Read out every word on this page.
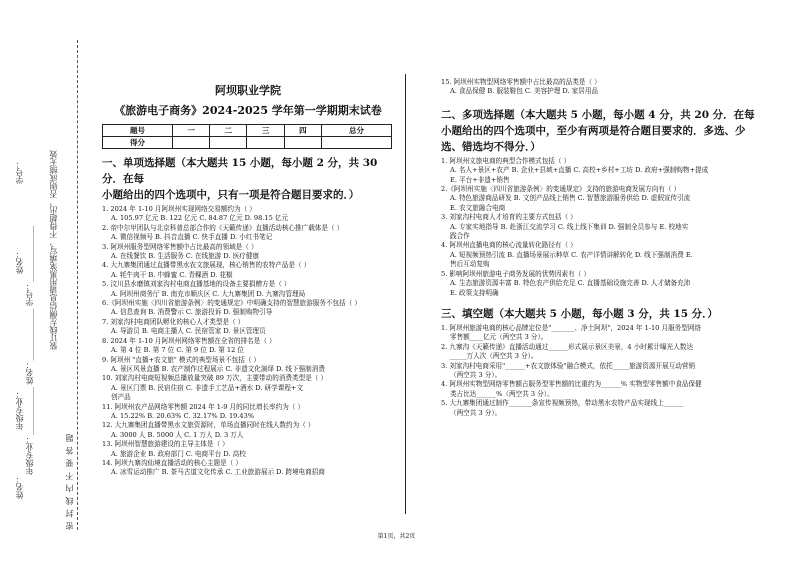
年级专业：____________ 姓名：_____________ 学号：______________
密 封 线 内 不 要 答 题
装订线左侧信息请用黑笔填写，不得超出，否则成绩无效
学号：
姓名：
年级专业：
姓名：
阿坝职业学院
《旅游电子商务》2024-2025 学年第一学期期末试卷
题号	一	二	三	四	总分
得分					
一、单项选择题（本大题共 15 小题，每小题 2 分，共 30 分．在每
小题给出的四个选项中，只有一项是符合题目要求的．）
1. 2024 年 1-10 月阿坝州实现网络交易额约为（ ）
A. 105.97 亿元 B. 122 亿元 C. 84.87 亿元 D. 98.15 亿元
2. 帝中尔甲团队与北京科普总部合作的《天籁传递》直播活动核心推广载体是（ ）
A. 微信视频号 B. 抖音直播 C. 快手直播 D. 小红书笔记
3. 阿坝州服务型网络零售额中占比最高的领域是（ ）
A. 在线餐饮 B. 生活服务 C. 在线旅游 D. 医疗健康
4. 大九寨集团通过直播带黑水农文旅展现，核心销售的农特产品是（ ）
A. 牦牛肉干 B. 中蜂蜜 C. 青稞酒 D. 花椒
5. 汶川县水磨镇刘家沟村电商直播基地的设备主要捐赠方是（ ）
A. 阿坝州商务厅 B. 南充市顺庆区 C. 大九寨集团 D. 九寨沟管理局
6.《阿坝州实施〈四川省旅游条例〉的变通规定》中明确支持的智慧旅游服务不包括（ ）
A. 信息查询 B. 消费警示 C. 旅游投诉 D. 强制购物引导
7. 刘家沟村电商团队孵化的核心人才类型是（ ）
A. 导游员 B. 电商主播人 C. 民宿管家 D. 景区管理员
8. 2024 年 1-10 月阿坝州网络零售额在全省的排名是（ ）
A. 第 4 位 B. 第 7 位 C. 第 9 位 D. 第 12 位
9. 阿坝州 "直播+农文旅" 模式的典型场景不包括（ ）
A. 景区风景直播 B. 农产制作过程展示 C. 非遗文化演绎 D. 线下强制消费
10. 刘家沟村电商短视频总播放量突破 89 万次，主要带动的消费类型是（ ）
A. 景区门票 B. 民宿住宿 C. 非遗手工艺品+酒水 D. 研学课程+文
创产品
11. 阿坝州农产品网络零售额 2024 年 1-9 月的同比增长率约为（ ）
A. 15.22% B. 20.63% C. 32.17% D. 19.43%
12. 大九寨集团直播带黑水文旅资源时，单场直播同时在线人数约为（ ）
A. 3000 人 B. 5000 人 C. 1 万人 D. 3 万人
13. 阿坝州智慧旅游建设的主导主体是（ ）
A. 旅游企业 B. 政府部门 C. 电商平台 D. 高校
14. 阿坝九寨沟仙境直播活动的核心主题是（ ）
A. 冰雪运动推广 B. 茶马古道文化传承 C. 工业旅游展示 D. 跨境电商招商
15. 阿坝州实物型网络零售额中占比最高的品类是（ ）
A. 食品保健 B. 服装鞋包 C. 美容护理 D. 家居用品
二、多项选择题（本大题共 5 小题，每小题 4 分，共 20 分．在每
小题给出的四个选项中，至少有两项是符合题目要求的．多选、少
选、错选均不得分．）
1. 阿坝州文旅电商的典型合作模式包括（ ）
A. 名人+景区+农产 B. 企业+县域+直播 C. 高校+乡村+工坊 D. 政府+强制购物+提成
E. 平台+非遗+销售
2.《阿坝州实施〈四川省旅游条例〉的变通规定》支持的旅游电商发展方向有（ ）
A. 特色旅游商品研发 B. 文创产品线上销售 C. 智慧旅游服务供给 D. 虚假宣传引流
E. 农文旅融合电商
3. 刘家沟村电商人才培育的主要方式包括（ ）
A. 专家实地指导 B. 赴浙江交流学习 C. 线上线下集训 D. 强制全员参与 E. 校地实
践合作
4. 阿坝州直播电商的核心流量转化路径有（ ）
A. 短视频预热引流 B. 直播场景展示种草 C. 农产详情讲解转化 D. 线下强制消费 E.
售后互动复购
5. 影响阿坝州旅游电子商务发展的优势因素有（ ）
A. 生态旅游资源丰富 B. 特色农产供给充足 C. 直播基础设施完善 D. 人才储备充沛
E. 政策支持明确
三、填空题（本大题共 5 小题，每小题 3 分，共 15 分．）
1. 阿坝州旅游电商的核心品牌定位是"_______、净土阿坝"，2024 年 1-10 月服务型网络
零售额____亿元（两空共 3 分）。
2. 九寨沟《天籁传递》直播活动通过______形式展示景区美景，4 小时累计曝光人数达
_____万人次（两空共 3 分）。
3. 刘家沟村电商采用"______+农文旅体验"融合模式，依托_____旅游资源开展互动营销
（两空共 3 分）。
4. 阿坝州实物型网络零售额占服务型零售额的比重约为______% 实物型零售额中食品保健
类占比达______%（两空共 3 分）。
5. 大九寨集团通过制作_______条宣传视频预热，带动黑水农特产品实现线上______
（两空共 3 分）。
第1页，共2页
